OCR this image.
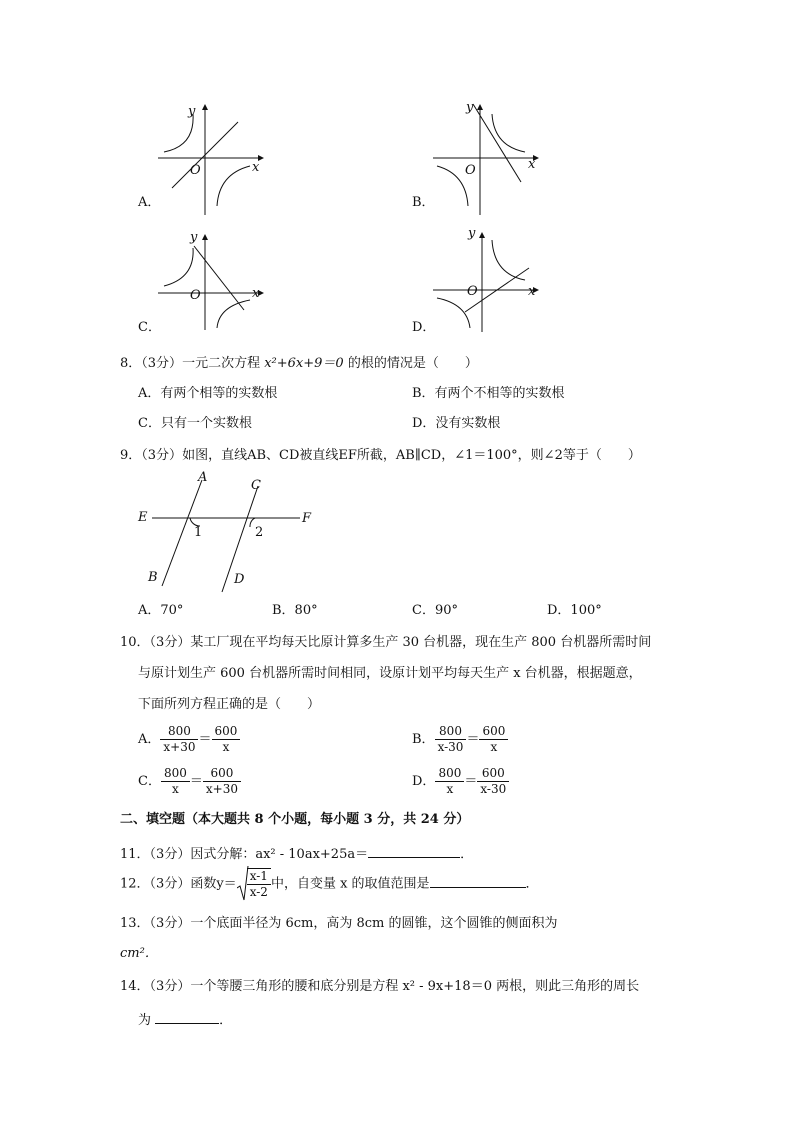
y
x
O
A．
y
x
O
B．
y
x
O
C．
y
x
O
D．
8．（3分）一元二次方程 x²+6x+9＝0 的根的情况是（　　）
A．有两个相等的实数根	B．有两个不相等的实数根
C．只有一个实数根	D．没有实数根
9．（3分）如图，直线AB、CD被直线EF所截，AB∥CD，∠1＝100°，则∠2等于（　　）
A
E
B
C
F
D
1	2
A．70°	B．80°	C．90°	D．100°
10．（3分）某工厂现在平均每天比原计算多生产 30 台机器，现在生产 800 台机器所需时间
与原计划生产 600 台机器所需时间相同，设原计划平均每天生产 x 台机器，根据题意，
下面所列方程正确的是（　　）
A． $\frac{800}{x+30} = \frac{600}{x}$	B． $\frac{800}{x-30} = \frac{600}{x}$
C． $\frac{800}{x} = \frac{600}{x+30}$	D． $\frac{800}{x} = \frac{600}{x-30}$
二、填空题（本大题共 8 个小题，每小题 3 分，共 24 分）
11．（3分）因式分解：ax² - 10ax+25a＝	．
12．（3分）函数$y= \frac{x-1}{x-2}$ 中，自变量 x 的取值范围是	．
13．（3分）一个底面半径为 6cm，高为 8cm 的圆锥，这个圆锥的侧面积为
cm²．
14．（3分）一个等腰三角形的腰和底分别是方程 x² - 9x+18＝0 两根，则此三角形的周长
为	．
